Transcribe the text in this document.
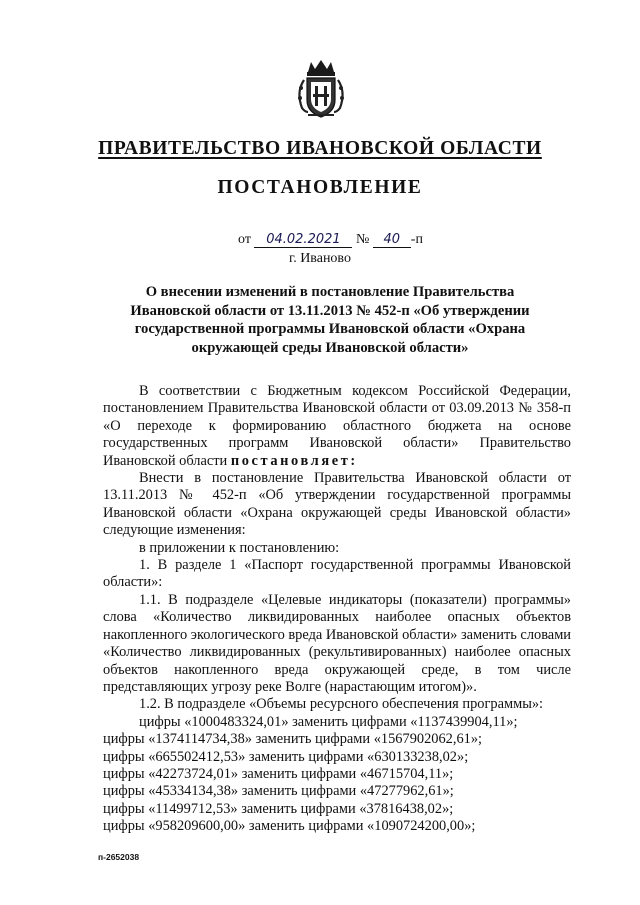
ПРАВИТЕЛЬСТВО ИВАНОВСКОЙ ОБЛАСТИ
ПОСТАНОВЛЕНИЕ
от 04.02.2021 № 40 -п
г. Иваново
О внесении изменений в постановление Правительства Ивановской области от 13.11.2013 № 452-п «Об утверждении государственной программы Ивановской области «Охрана окружающей среды Ивановской области»

В соответствии с Бюджетным кодексом Российской Федерации, постановлением Правительства Ивановской области от 03.09.2013 № 358-п «О переходе к формированию областного бюджета на основе государственных программ Ивановской области» Правительство Ивановской области постановляет:

Внести в постановление Правительства Ивановской области от 13.11.2013 № 452-п «Об утверждении государственной программы Ивановской области «Охрана окружающей среды Ивановской области» следующие изменения:

в приложении к постановлению:

1. В разделе 1 «Паспорт государственной программы Ивановской области»:

1.1. В подразделе «Целевые индикаторы (показатели) программы» слова «Количество ликвидированных наиболее опасных объектов накопленного экологического вреда Ивановской области» заменить словами «Количество ликвидированных (рекультивированных) наиболее опасных объектов накопленного вреда окружающей среде, в том числе представляющих угрозу реке Волге (нарастающим итогом)».

1.2. В подразделе «Объемы ресурсного обеспечения программы»:

цифры «1000483324,01» заменить цифрами «1137439904,11»;

цифры «1374114734,38» заменить цифрами «1567902062,61»;

цифры «665502412,53» заменить цифрами «630133238,02»;

цифры «42273724,01» заменить цифрами «46715704,11»;

цифры «45334134,38» заменить цифрами «47277962,61»;

цифры «11499712,53» заменить цифрами «37816438,02»;

цифры «958209600,00» заменить цифрами «1090724200,00»;

п-2652038
